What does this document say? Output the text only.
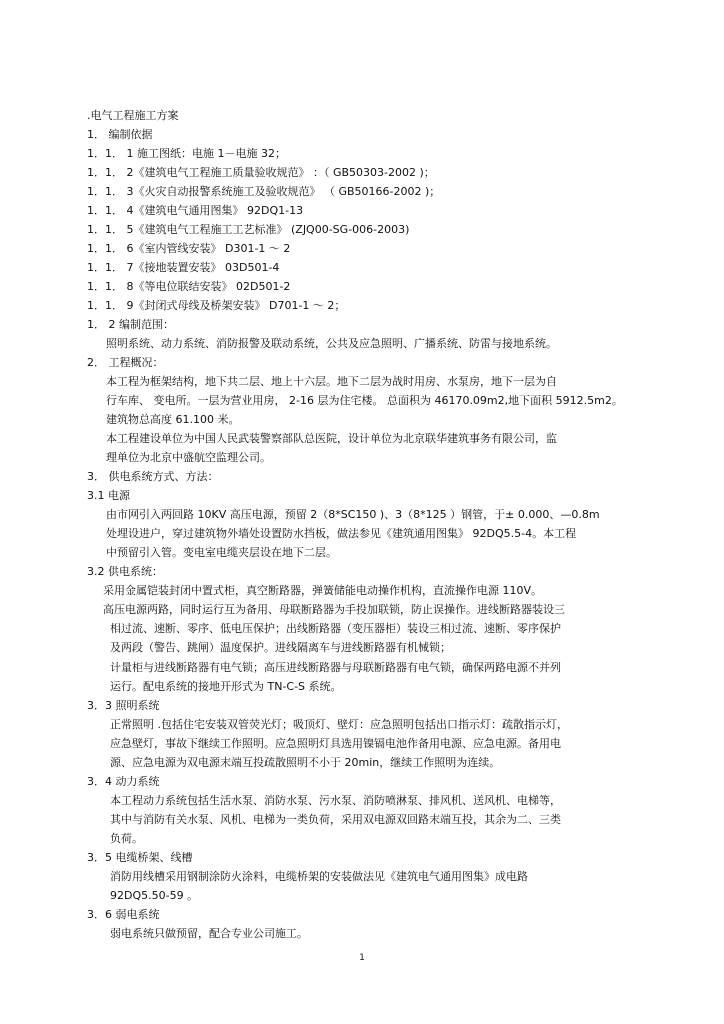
.电气工程施工方案
1． 编制依据
1．1． 1 施工图纸：电施 1－电施 32；
1．1． 2《建筑电气工程施工质量验收规范》 ：（ GB50303-2002 )；
1．1． 3《火灾自动报警系统施工及验收规范》 （ GB50166-2002 )；
1．1． 4《建筑电气通用图集》 92DQ1-13
1．1． 5《建筑电气工程施工工艺标准》 (ZJQ00-SG-006-2003)
1．1． 6《室内管线安装》 D301-1 ～ 2
1．1． 7《接地装置安装》 03D501-4
1．1． 8《等电位联结安装》 02D501-2
1．1． 9《封闭式母线及桥架安装》 D701-1 ～ 2；
1． 2 编制范围：
照明系统、动力系统、消防报警及联动系统，公共及应急照明、广播系统、防雷与接地系统。
2． 工程概况：
本工程为框架结构，地下共二层、地上十六层。地下二层为战时用房、水泵房，地下一层为自
行车库、 变电所。一层为营业用房， 2-16 层为住宅楼。 总面积为 46170.09m2,地下面积 5912.5m2。
建筑物总高度 61.100 米。
本工程建设单位为中国人民武装警察部队总医院，设计单位为北京联华建筑事务有限公司，监
理单位为北京中盛航空监理公司。
3． 供电系统方式、方法：
3.1 电源
由市网引入两回路 10KV 高压电源，预留 2（8*SC150 )、3（8*125 ）钢管，于± 0.000、—0.8m
处埋设进户，穿过建筑物外墙处设置防水挡板，做法参见《建筑通用图集》 92DQ5.5-4。本工程
中预留引入管。变电室电缆夹层设在地下二层。
3.2 供电系统：
采用金属铠装封闭中置式柜，真空断路器，弹簧储能电动操作机构，直流操作电源 110V。
高压电源两路，同时运行互为备用、母联断路器为手投加联锁，防止误操作。进线断路器装设三
相过流、速断、零序、低电压保护；出线断路器（变压器柜）装设三相过流、速断、零序保护
及两段（警告、跳闸）温度保护。进线隔离车与进线断路器有机械锁；
计量柜与进线断路器有电气锁；高压进线断路器与母联断路器有电气锁，确保两路电源不并列
运行。配电系统的接地开形式为 TN-C-S 系统。
3．3 照明系统
正常照明 .包括住宅安装双管荧光灯；吸顶灯、壁灯：应急照明包括出口指示灯：疏散指示灯，
应急壁灯，事故下继续工作照明。应急照明灯具选用镍镉电池作备用电源、应急电源。备用电
源、应急电源为双电源末端互投疏散照明不小于 20min，继续工作照明为连续。
3．4 动力系统
本工程动力系统包括生活水泵、消防水泵、污水泵、消防喷淋泵、排风机、送风机、电梯等，
其中与消防有关水泵、风机、电梯为一类负荷，采用双电源双回路末端互投，其余为二、三类
负荷。
3．5 电缆桥架、线槽
消防用线槽采用钢制涂防火涂料，电缆桥架的安装做法见《建筑电气通用图集》成电路
92DQ5.50-59 。
3．6 弱电系统
弱电系统只做预留，配合专业公司施工。
1
